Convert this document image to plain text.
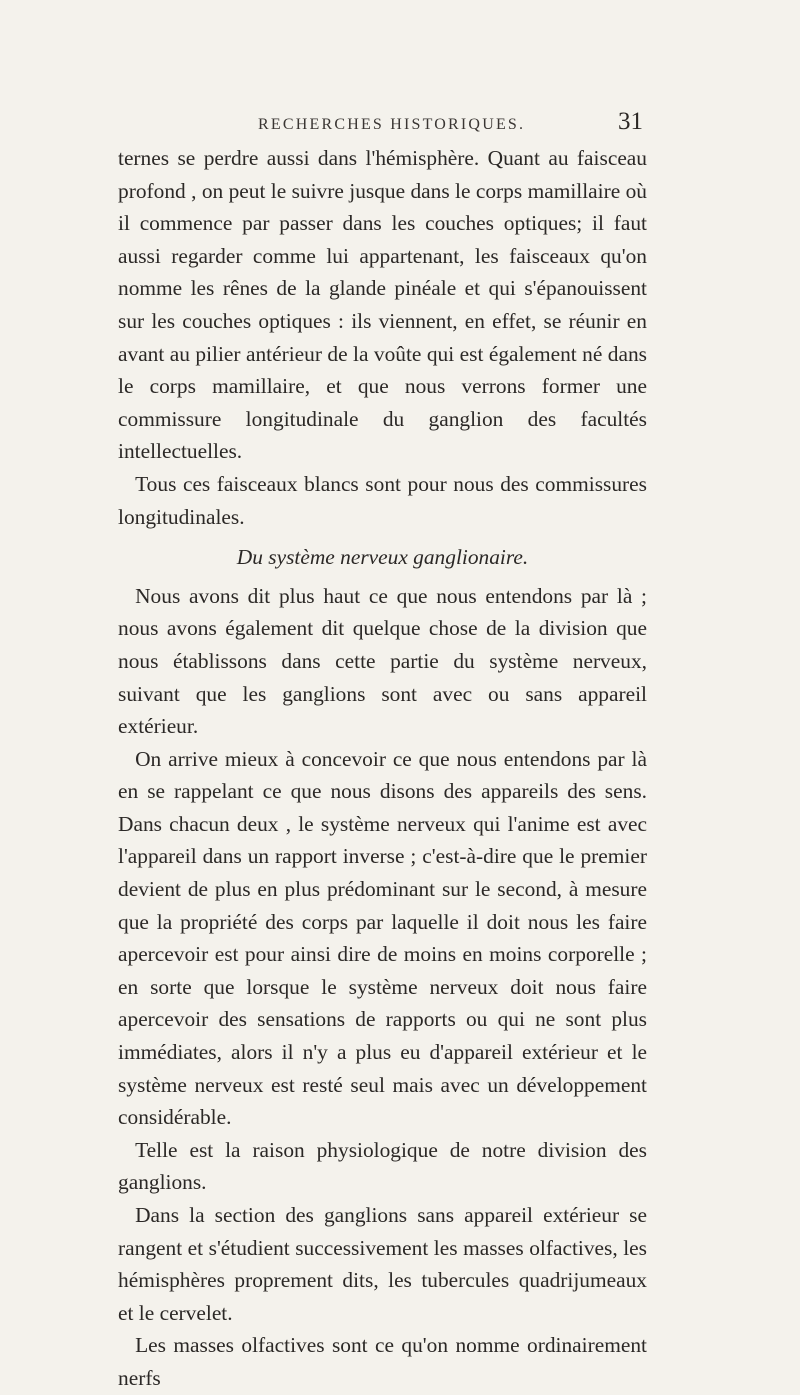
RECHERCHES HISTORIQUES.	31

ternes se perdre aussi dans l'hémisphère. Quant au faisceau profond , on peut le suivre jusque dans le corps mamillaire où il commence par passer dans les couches optiques; il faut aussi regarder comme lui appartenant, les faisceaux qu'on nomme les rênes de la glande pinéale et qui s'épanouissent sur les couches optiques : ils viennent, en effet, se réunir en avant au pilier antérieur de la voûte qui est également né dans le corps mamillaire, et que nous verrons former une commissure longitudinale du ganglion des facultés intellectuelles.

Tous ces faisceaux blancs sont pour nous des commissures longitudinales.

Du système nerveux ganglionaire.

Nous avons dit plus haut ce que nous entendons par là ; nous avons également dit quelque chose de la division que nous établissons dans cette partie du système nerveux, suivant que les ganglions sont avec ou sans appareil extérieur.

On arrive mieux à concevoir ce que nous entendons par là en se rappelant ce que nous disons des appareils des sens. Dans chacun deux , le système nerveux qui l'anime est avec l'appareil dans un rapport inverse ; c'est-à-dire que le premier devient de plus en plus prédominant sur le second, à mesure que la propriété des corps par laquelle il doit nous les faire apercevoir est pour ainsi dire de moins en moins corporelle ; en sorte que lorsque le système nerveux doit nous faire apercevoir des sensations de rapports ou qui ne sont plus immédiates, alors il n'y a plus eu d'appareil extérieur et le système nerveux est resté seul mais avec un développement considérable.

Telle est la raison physiologique de notre division des ganglions.

Dans la section des ganglions sans appareil extérieur se rangent et s'étudient successivement les masses olfactives, les hémisphères proprement dits, les tubercules quadrijumeaux et le cervelet.

Les masses olfactives sont ce qu'on nomme ordinairement nerfs
